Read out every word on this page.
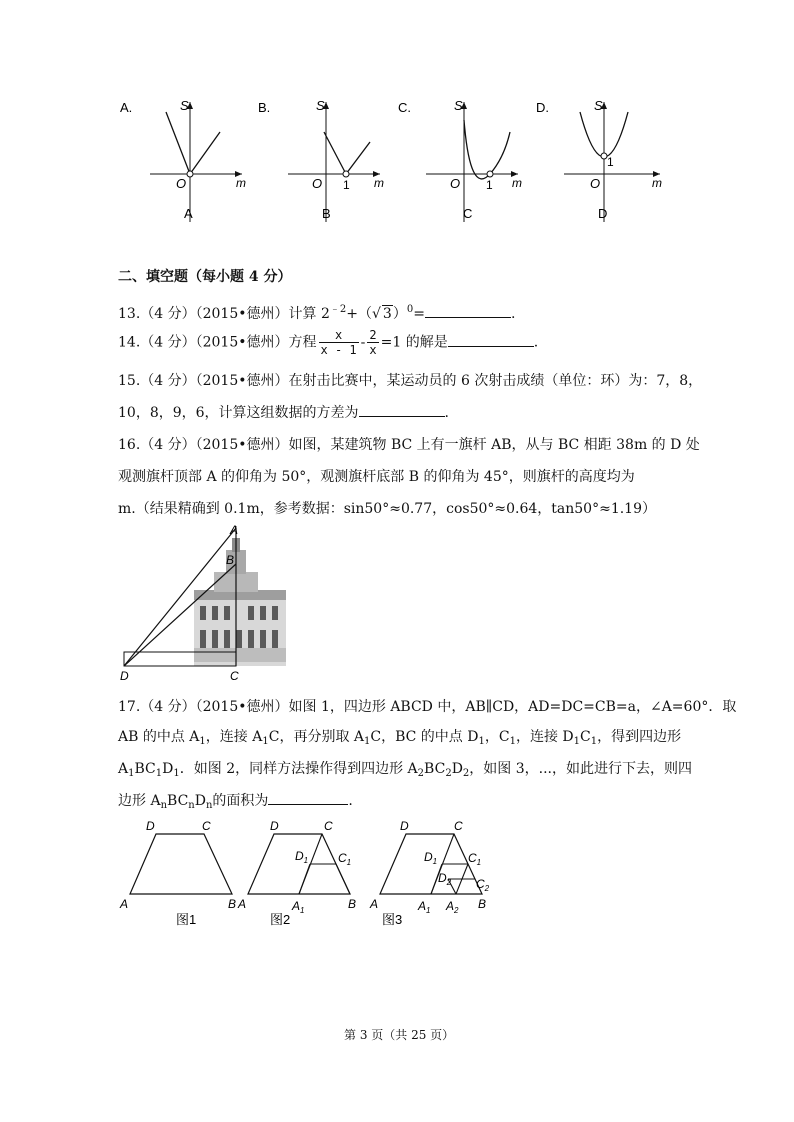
A.	S
O	m
A
B.	S
O 1 m
B
C.	S
O 1 m
C
D.	S
O
1
m
D
二、填空题（每小题 4 分）
13.（4 分）（2015•德州）计算 $2^{﹣2}+(√$ 3）$^0$=	.
14.（4 分）（2015•德州）方程 $\frac{x}{x - 1} - \frac{2}{x} =1$ 的解是	.
15.（4 分）（2015•德州）在射击比赛中，某运动员的 6 次射击成绩（单位：环）为：7，8，
10，8，9，6，计算这组数据的方差为	.
16.（4 分）（2015•德州）如图，某建筑物 BC 上有一旗杆 AB，从与 BC 相距 38m 的 D 处
观测旗杆顶部 A 的仰角为 50°，观测旗杆底部 B 的仰角为 45°，则旗杆的高度均为
m.（结果精确到 0.1m，参考数据：sin50°≈0.77，cos50°≈0.64，tan50°≈1.19）
A
B
C
D
17.（4 分）（2015•德州）如图 1，四边形 ABCD 中，AB∥CD，AD=DC=CB=a，∠A=60°．取
AB 的中点 $A_1$，连接 $A_1C$，再分别取 $A_1C$，BC 的中点 $D_1$，$C_1$，连接 $D_1C_1$，得到四边形
$A_1BC_1D_1$．如图 2，同样方法操作得到四边形 $A_2BC_2D_2$，如图 3，...，如此进行下去，则四
边形 $A_nBC_nD_n$的面积为	.
D	C
A	B
图1
D	C
$D_1$ $C_1$
A	$A_1$	B
图2
D	C
$D_1$	$C_1$
$D_2$ $C_2$
A	$A_1$ $A_2$ B
图3
第 3 页（共 25 页）
